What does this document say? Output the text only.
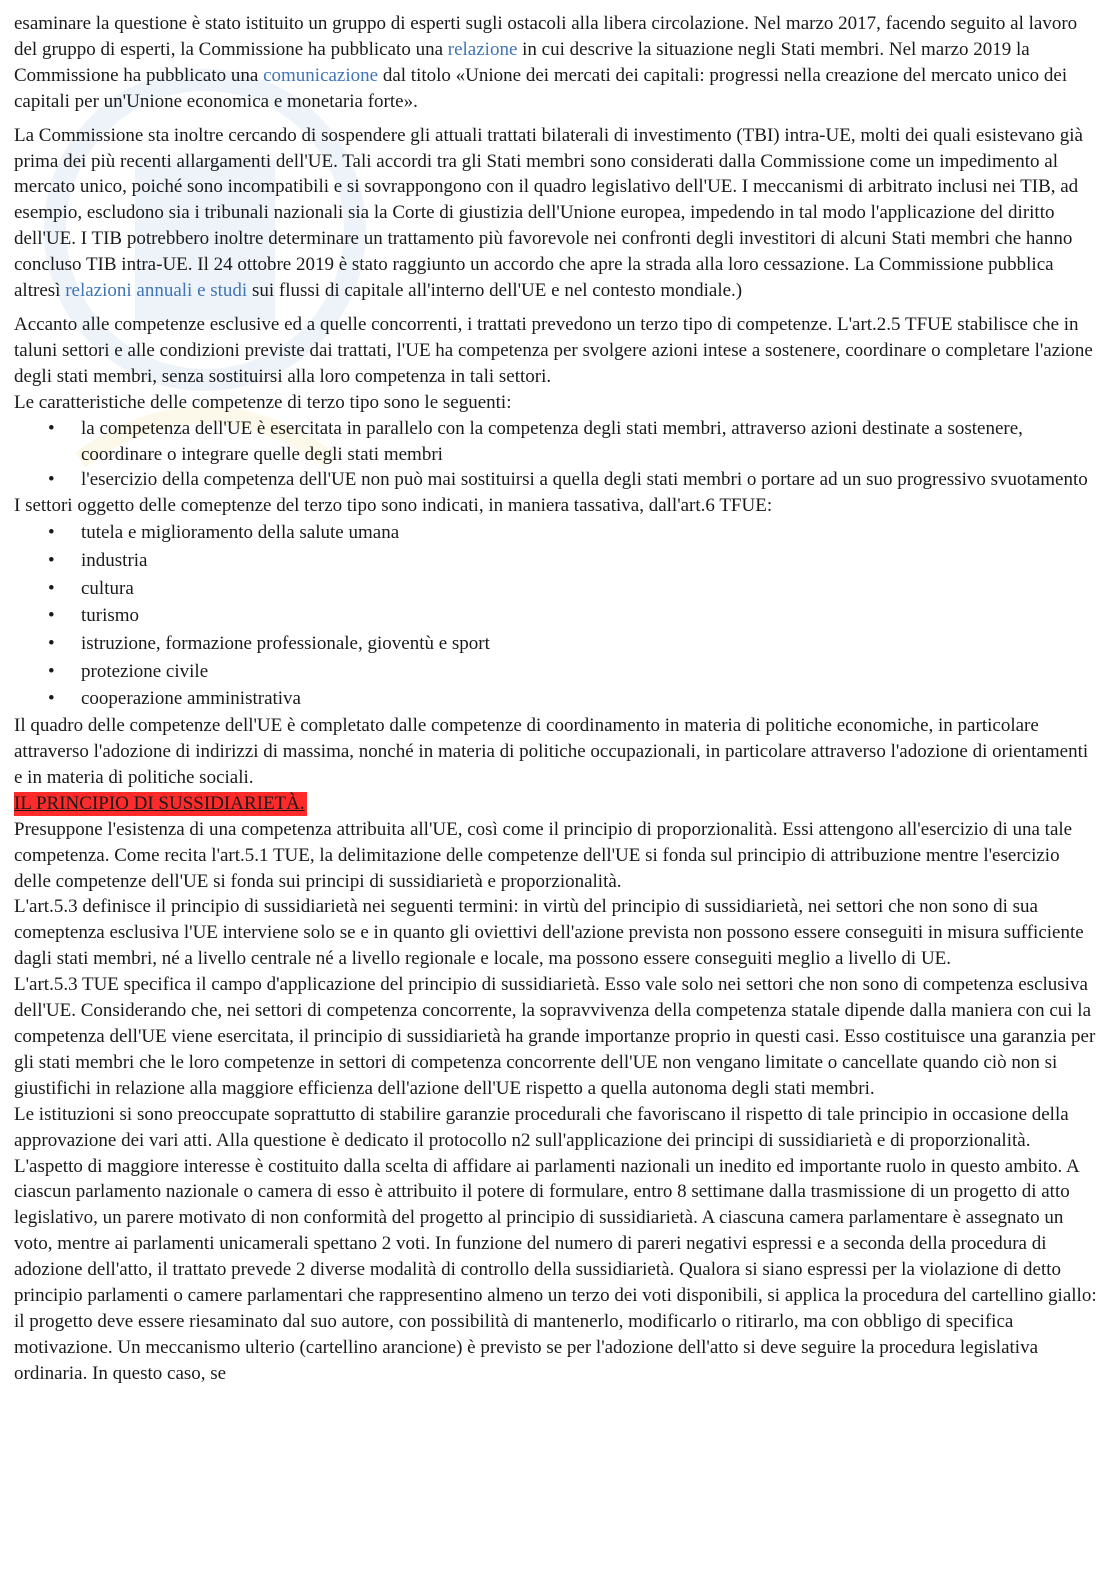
esaminare la questione è stato istituito un gruppo di esperti sugli ostacoli alla libera circolazione. Nel marzo 2017, facendo seguito al lavoro del gruppo di esperti, la Commissione ha pubblicato una relazione in cui descrive la situazione negli Stati membri. Nel marzo 2019 la Commissione ha pubblicato una comunicazione dal titolo «Unione dei mercati dei capitali: progressi nella creazione del mercato unico dei capitali per un'Unione economica e monetaria forte».

La Commissione sta inoltre cercando di sospendere gli attuali trattati bilaterali di investimento (TBI) intra-UE, molti dei quali esistevano già prima dei più recenti allargamenti dell'UE. Tali accordi tra gli Stati membri sono considerati dalla Commissione come un impedimento al mercato unico, poiché sono incompatibili e si sovrappongono con il quadro legislativo dell'UE. I meccanismi di arbitrato inclusi nei TIB, ad esempio, escludono sia i tribunali nazionali sia la Corte di giustizia dell'Unione europea, impedendo in tal modo l'applicazione del diritto dell'UE. I TIB potrebbero inoltre determinare un trattamento più favorevole nei confronti degli investitori di alcuni Stati membri che hanno concluso TIB intra-UE. Il 24 ottobre 2019 è stato raggiunto un accordo che apre la strada alla loro cessazione. La Commissione pubblica altresì relazioni annuali e studi sui flussi di capitale all'interno dell'UE e nel contesto mondiale.)

Accanto alle competenze esclusive ed a quelle concorrenti, i trattati prevedono un terzo tipo di competenze. L'art.2.5 TFUE stabilisce che in taluni settori e alle condizioni previste dai trattati, l'UE ha competenza per svolgere azioni intese a sostenere, coordinare o completare l'azione degli stati membri, senza sostituirsi alla loro competenza in tali settori.

Le caratteristiche delle competenze di terzo tipo sono le seguenti:

• la competenza dell'UE è esercitata in parallelo con la competenza degli stati membri, attraverso azioni destinate a sostenere, coordinare o integrare quelle degli stati membri
• l'esercizio della competenza dell'UE non può mai sostituirsi a quella degli stati membri o portare ad un suo progressivo svuotamento

I settori oggetto delle comeptenze del terzo tipo sono indicati, in maniera tassativa, dall'art.6 TFUE:

• tutela e miglioramento della salute umana
• industria
• cultura
• turismo
• istruzione, formazione professionale, gioventù e sport
• protezione civile
• cooperazione amministrativa

Il quadro delle competenze dell'UE è completato dalle competenze di coordinamento in materia di politiche economiche, in particolare attraverso l'adozione di indirizzi di massima, nonché in materia di politiche occupazionali, in particolare attraverso l'adozione di orientamenti e in materia di politiche sociali.

IL PRINCIPIO DI SUSSIDIARIETÀ.

Presuppone l'esistenza di una competenza attribuita all'UE, così come il principio di proporzionalità. Essi attengono all'esercizio di una tale competenza. Come recita l'art.5.1 TUE, la delimitazione delle competenze dell'UE si fonda sul principio di attribuzione mentre l'esercizio delle competenze dell'UE si fonda sui principi di sussidiarietà e proporzionalità.

L'art.5.3 definisce il principio di sussidiarietà nei seguenti termini: in virtù del principio di sussidiarietà, nei settori che non sono di sua comeptenza esclusiva l'UE interviene solo se e in quanto gli oviettivi dell'azione prevista non possono essere conseguiti in misura sufficiente dagli stati membri, né a livello centrale né a livello regionale e locale, ma possono essere conseguiti meglio a livello di UE.

L'art.5.3 TUE specifica il campo d'applicazione del principio di sussidiarietà. Esso vale solo nei settori che non sono di competenza esclusiva dell'UE. Considerando che, nei settori di competenza concorrente, la sopravvivenza della competenza statale dipende dalla maniera con cui la competenza dell'UE viene esercitata, il principio di sussidiarietà ha grande importanze proprio in questi casi. Esso costituisce una garanzia per gli stati membri che le loro competenze in settori di competenza concorrente dell'UE non vengano limitate o cancellate quando ciò non si giustifichi in relazione alla maggiore efficienza dell'azione dell'UE rispetto a quella autonoma degli stati membri.

Le istituzioni si sono preoccupate soprattutto di stabilire garanzie procedurali che favoriscano il rispetto di tale principio in occasione della approvazione dei vari atti. Alla questione è dedicato il protocollo n2 sull'applicazione dei principi di sussidiarietà e di proporzionalità. L'aspetto di maggiore interesse è costituito dalla scelta di affidare ai parlamenti nazionali un inedito ed importante ruolo in questo ambito. A ciascun parlamento nazionale o camera di esso è attribuito il potere di formulare, entro 8 settimane dalla trasmissione di un progetto di atto legislativo, un parere motivato di non conformità del progetto al principio di sussidiarietà. A ciascuna camera parlamentare è assegnato un voto, mentre ai parlamenti unicamerali spettano 2 voti. In funzione del numero di pareri negativi espressi e a seconda della procedura di adozione dell'atto, il trattato prevede 2 diverse modalità di controllo della sussidiarietà. Qualora si siano espressi per la violazione di detto principio parlamenti o camere parlamentari che rappresentino almeno un terzo dei voti disponibili, si applica la procedura del cartellino giallo: il progetto deve essere riesaminato dal suo autore, con possibilità di mantenerlo, modificarlo o ritirarlo, ma con obbligo di specifica motivazione. Un meccanismo ulterio (cartellino arancione) è previsto se per l'adozione dell'atto si deve seguire la procedura legislativa ordinaria. In questo caso, se
